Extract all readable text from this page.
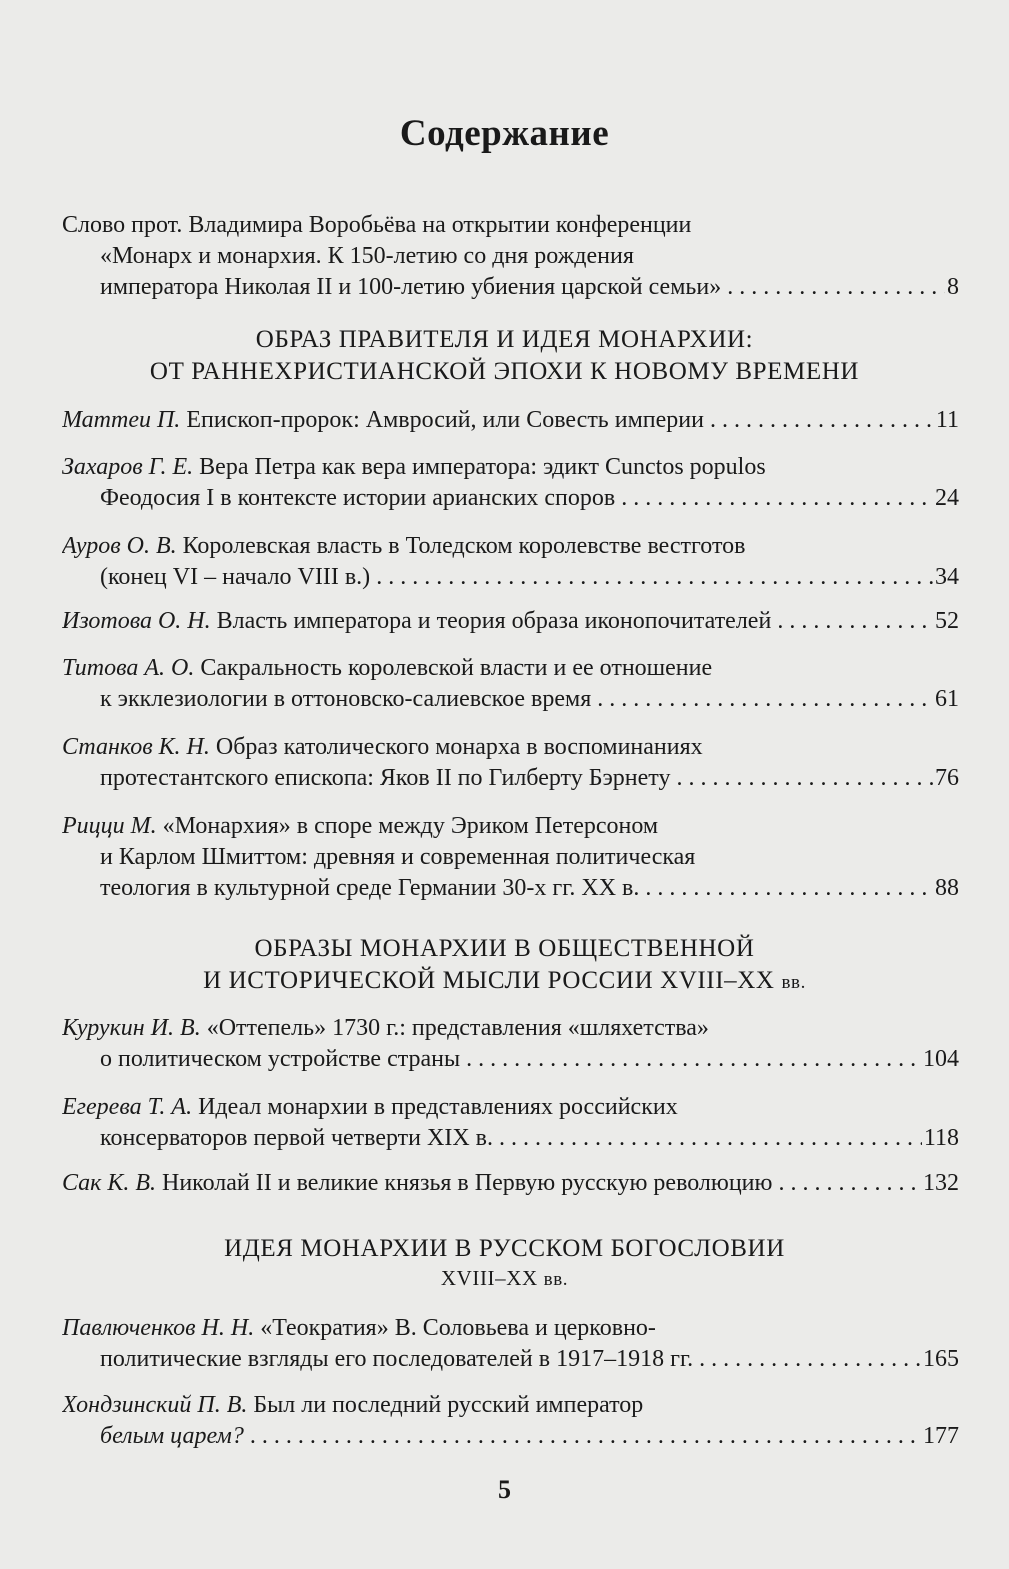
Содержание
Слово прот. Владимира Воробьёва на открытии конференции
«Монарх и монархия. К 150-летию со дня рождения
императора Николая II и 100-летию убиения царской семьи» . . .	8
ОБРАЗ ПРАВИТЕЛЯ И ИДЕЯ МОНАРХИИ:
ОТ РАННЕХРИСТИАНСКОЙ ЭПОХИ К НОВОМУ ВРЕМЕНИ
Маттеи П. Епископ-пророк: Амвросий, или Совесть империи . . .	11
Захаров Г. Е. Вера Петра как вера императора: эдикт Cunctos populos
Феодосия I в контексте истории арианских споров . . .	24
Ауров О. В. Королевская власть в Толедском королевстве вестготов
(конец VI – начало VIII в.) . . .	34
Изотова О. Н. Власть императора и теория образа иконопочитателей . . .	52
Титова А. О. Сакральность королевской власти и ее отношение
к экклезиологии в оттоновско-салиевское время . . .	61
Станков К. Н. Образ католического монарха в воспоминаниях
протестантского епископа: Яков II по Гилберту Бэрнету . . .	76
Рицци М. «Монархия» в споре между Эриком Петерсоном
и Карлом Шмиттом: древняя и современная политическая
теология в культурной среде Германии 30-х гг. XX в. . . .	88
ОБРАЗЫ МОНАРХИИ В ОБЩЕСТВЕННОЙ
И ИСТОРИЧЕСКОЙ МЫСЛИ РОССИИ XVIII–XX вв.
Курукин И. В. «Оттепель» 1730 г.: представления «шляхетства»
о политическом устройстве страны . . .	104
Егерева Т. А. Идеал монархии в представлениях российских
консерваторов первой четверти XIX в. . . .	118
Сак К. В. Николай II и великие князья в Первую русскую революцию . . .	132
ИДЕЯ МОНАРХИИ В РУССКОМ БОГОСЛОВИИ
XVIII–XX вв.
Павлюченков Н. Н. «Теократия» В. Соловьева и церковно-
политические взгляды его последователей в 1917–1918 гг. . . .	165
Хондзинский П. В. Был ли последний русский император
белым царем? . . .	177
5
